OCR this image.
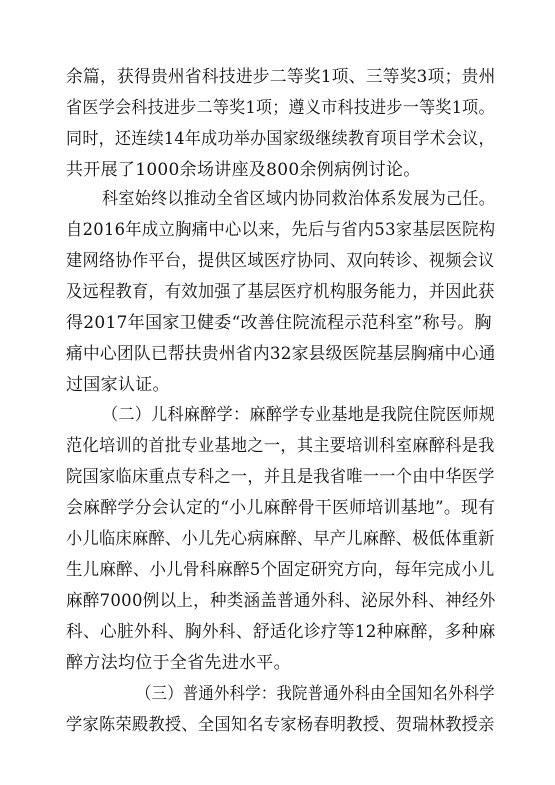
余篇，获得贵州省科技进步二等奖1项、三等奖3项；贵州
省医学会科技进步二等奖1项；遵义市科技进步一等奖1项。
同时，还连续14年成功举办国家级继续教育项目学术会议，
共开展了1000余场讲座及800余例病例讨论。
科室始终以推动全省区域内协同救治体系发展为己任。
自2016年成立胸痛中心以来，先后与省内53家基层医院构
建网络协作平台，提供区域医疗协同、双向转诊、视频会议
及远程教育，有效加强了基层医疗机构服务能力，并因此获
得2017年国家卫健委“改善住院流程示范科室”称号。胸
痛中心团队已帮扶贵州省内32家县级医院基层胸痛中心通
过国家认证。
（二）儿科麻醉学：麻醉学专业基地是我院住院医师规
范化培训的首批专业基地之一，其主要培训科室麻醉科是我
院国家临床重点专科之一，并且是我省唯一一个由中华医学
会麻醉学分会认定的“小儿麻醉骨干医师培训基地”。现有
小儿临床麻醉、小儿先心病麻醉、早产儿麻醉、极低体重新
生儿麻醉、小儿骨科麻醉5个固定研究方向，每年完成小儿
麻醉7000例以上，种类涵盖普通外科、泌尿外科、神经外
科、心脏外科、胸外科、舒适化诊疗等12种麻醉，多种麻
醉方法均位于全省先进水平。
（三）普通外科学：我院普通外科由全国知名外科学
学家陈荣殿教授、全国知名专家杨春明教授、贺瑞林教授亲
